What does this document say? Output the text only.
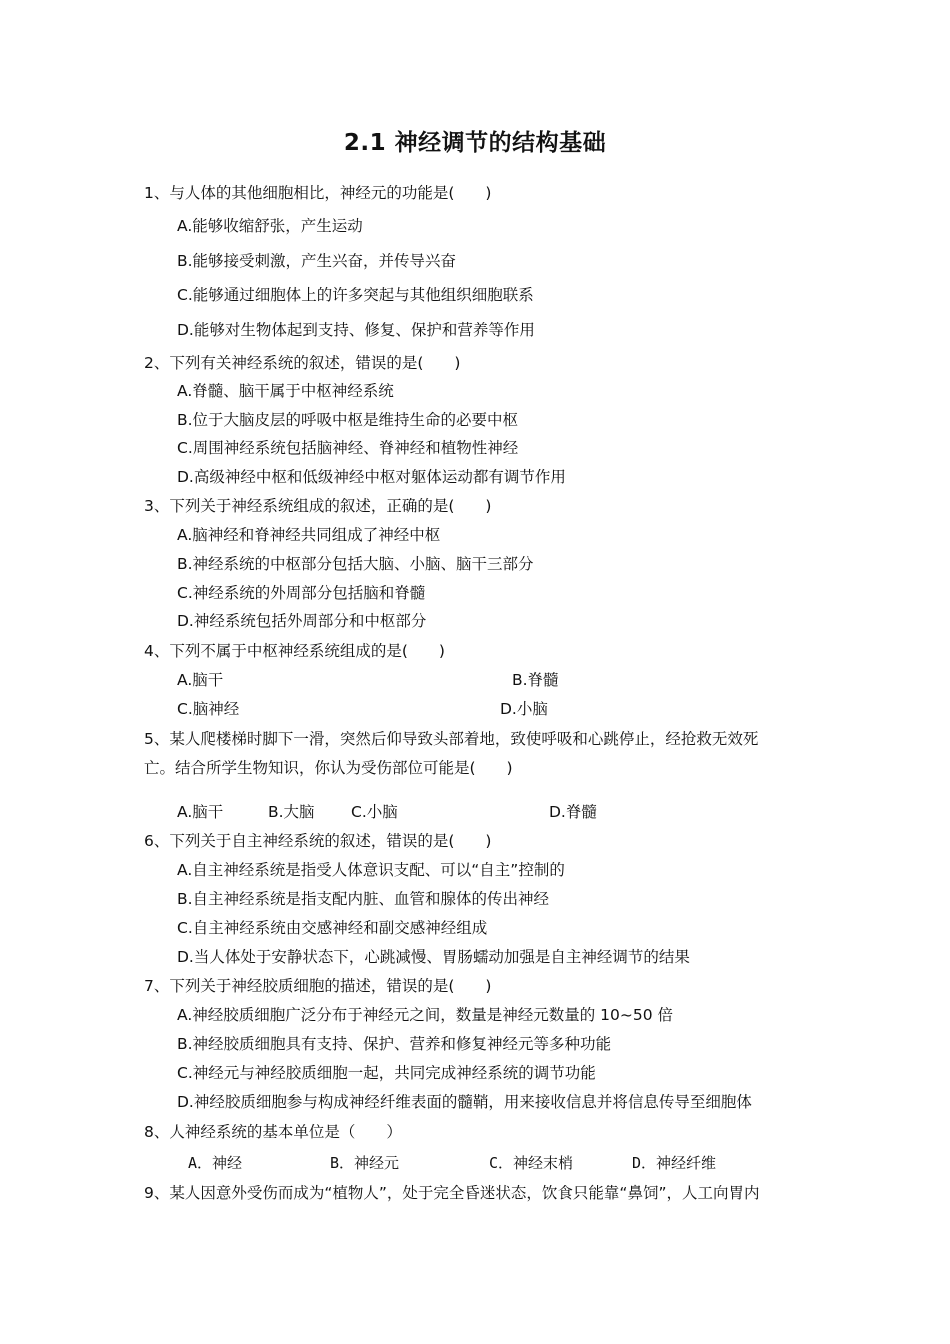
2.1 神经调节的结构基础
1、与人体的其他细胞相比，神经元的功能是(　　)
A.能够收缩舒张，产生运动
B.能够接受刺激，产生兴奋，并传导兴奋
C.能够通过细胞体上的许多突起与其他组织细胞联系
D.能够对生物体起到支持、修复、保护和营养等作用
2、下列有关神经系统的叙述，错误的是(　　)
A.脊髓、脑干属于中枢神经系统
B.位于大脑皮层的呼吸中枢是维持生命的必要中枢
C.周围神经系统包括脑神经、脊神经和植物性神经
D.高级神经中枢和低级神经中枢对躯体运动都有调节作用
3、下列关于神经系统组成的叙述，正确的是(　　)
A.脑神经和脊神经共同组成了神经中枢
B.神经系统的中枢部分包括大脑、小脑、脑干三部分
C.神经系统的外周部分包括脑和脊髓
D.神经系统包括外周部分和中枢部分
4、下列不属于中枢神经系统组成的是(　　)
A.脑干	B.脊髓
C.脑神经	D.小脑
5、某人爬楼梯时脚下一滑，突然后仰导致头部着地，致使呼吸和心跳停止，经抢救无效死
亡。结合所学生物知识，你认为受伤部位可能是(　　)
A.脑干	B.大脑 C.小脑	D.脊髓
6、下列关于自主神经系统的叙述，错误的是(　　)
A.自主神经系统是指受人体意识支配、可以“自主”控制的
B.自主神经系统是指支配内脏、血管和腺体的传出神经
C.自主神经系统由交感神经和副交感神经组成
D.当人体处于安静状态下，心跳减慢、胃肠蠕动加强是自主神经调节的结果
7、下列关于神经胶质细胞的描述，错误的是(　　)
A.神经胶质细胞广泛分布于神经元之间，数量是神经元数量的 10~50 倍
B.神经胶质细胞具有支持、保护、营养和修复神经元等多种功能
C.神经元与神经胶质细胞一起，共同完成神经系统的调节功能
D.神经胶质细胞参与构成神经纤维表面的髓鞘，用来接收信息并将信息传导至细胞体
8、人神经系统的基本单位是（　　）
A．神经	B．神经元	C．神经末梢	D．神经纤维
9、某人因意外受伤而成为“植物人”，处于完全昏迷状态，饮食只能靠“鼻饲”，人工向胃内
